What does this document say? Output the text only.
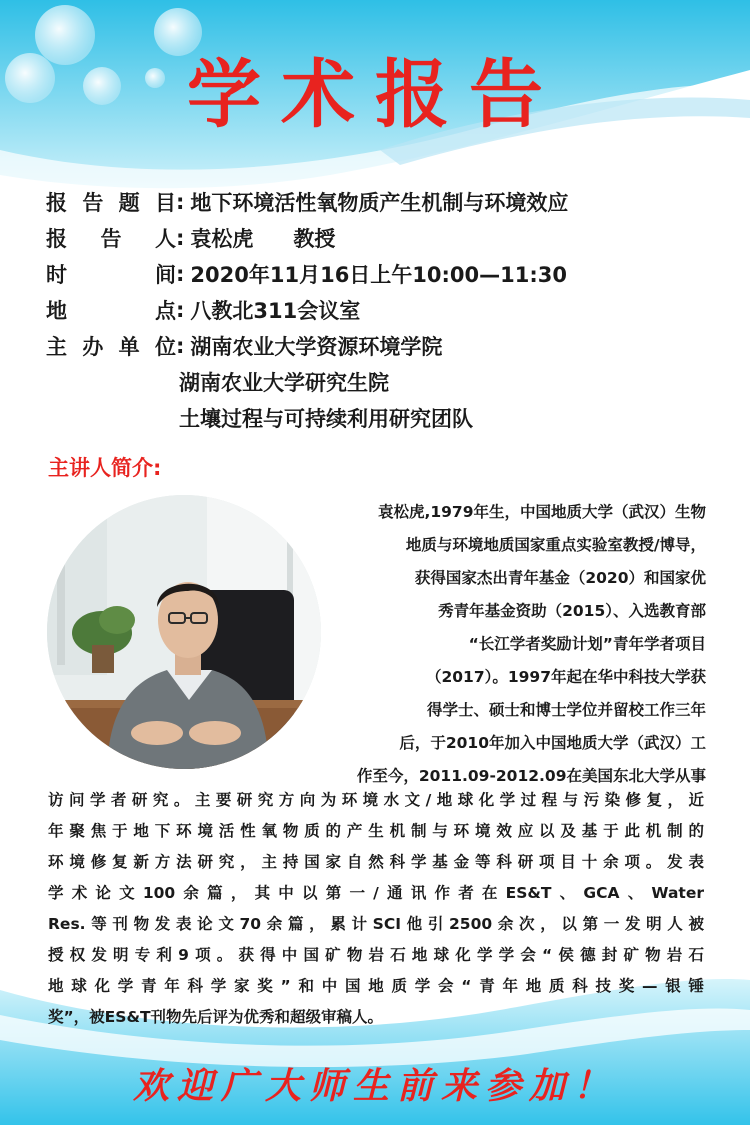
学术报告
报 告 题 目 : 地下环境活性氧物质产生机制与环境效应
报 告 人 : 袁松虎 教授
时	间 : 2020年11月16日上午10:00—11:30
地	点 : 八教北311会议室
主 办 单 位 : 湖南农业大学资源环境学院
湖南农业大学研究生院
土壤过程与可持续利用研究团队
主讲人简介:
袁松虎,1979年生，中国地质大学（武汉）生物
地质与环境地质国家重点实验室教授/博导，
获得国家杰出青年基金（2020）和国家优
秀青年基金资助（2015）、入选教育部
“长江学者奖励计划”青年学者项目
（2017）。1997年起在华中科技大学获
得学士、硕士和博士学位并留校工作三年
后，于2010年加入中国地质大学（武汉）工
作至今，2011.09-2012.09在美国东北大学从事
访问学者研究。主要研究方向为环境水文/地球化学过程与污染修复，近
年聚焦于地下环境活性氧物质的产生机制与环境效应以及基于此机制的
环境修复新方法研究，主持国家自然科学基金等科研项目十余项。发表
学术论文100余篇，其中以第一/通讯作者在ES&T、GCA、Water
Res.等刊物发表论文70余篇，累计SCI他引2500余次，以第一发明人被
授权发明专利9项。获得中国矿物岩石地球化学学会“侯德封矿物岩石
地球化学青年科学家奖”和中国地质学会“青年地质科技奖—银锤
奖”，被ES&T刊物先后评为优秀和超级审稿人。
欢迎广大师生前来参加！
